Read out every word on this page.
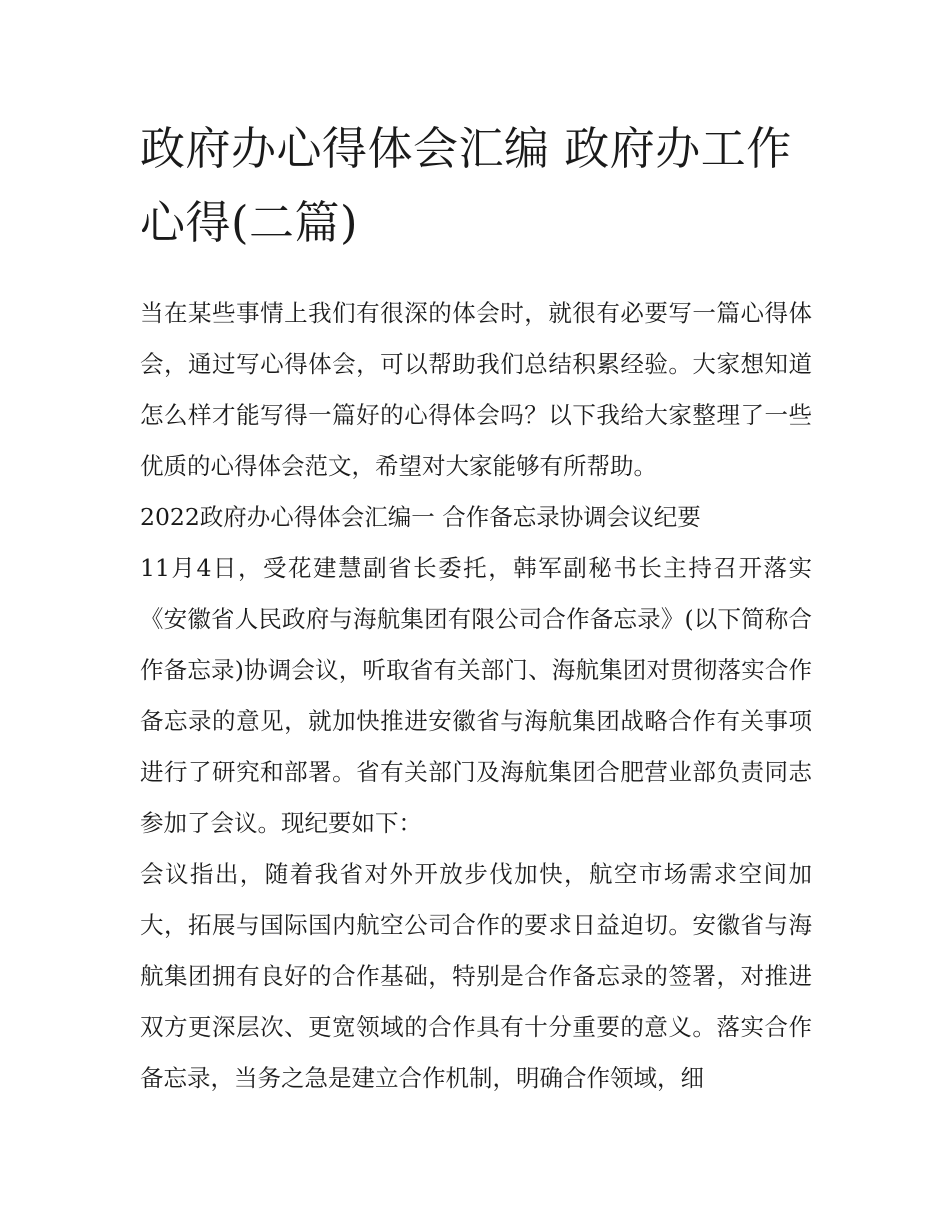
政府办心得体会汇编 政府办工作心得(二篇)

当在某些事情上我们有很深的体会时，就很有必要写一篇心得体会，通过写心得体会，可以帮助我们总结积累经验。大家想知道怎么样才能写得一篇好的心得体会吗？以下我给大家整理了一些优质的心得体会范文，希望对大家能够有所帮助。

2022政府办心得体会汇编一 合作备忘录协调会议纪要

11月4日，受花建慧副省长委托，韩军副秘书长主持召开落实《安徽省人民政府与海航集团有限公司合作备忘录》(以下简称合作备忘录)协调会议，听取省有关部门、海航集团对贯彻落实合作备忘录的意见，就加快推进安徽省与海航集团战略合作有关事项进行了研究和部署。省有关部门及海航集团合肥营业部负责同志参加了会议。现纪要如下：

会议指出，随着我省对外开放步伐加快，航空市场需求空间加大，拓展与国际国内航空公司合作的要求日益迫切。安徽省与海航集团拥有良好的合作基础，特别是合作备忘录的签署，对推进双方更深层次、更宽领域的合作具有十分重要的意义。落实合作备忘录，当务之急是建立合作机制，明确合作领域，细
